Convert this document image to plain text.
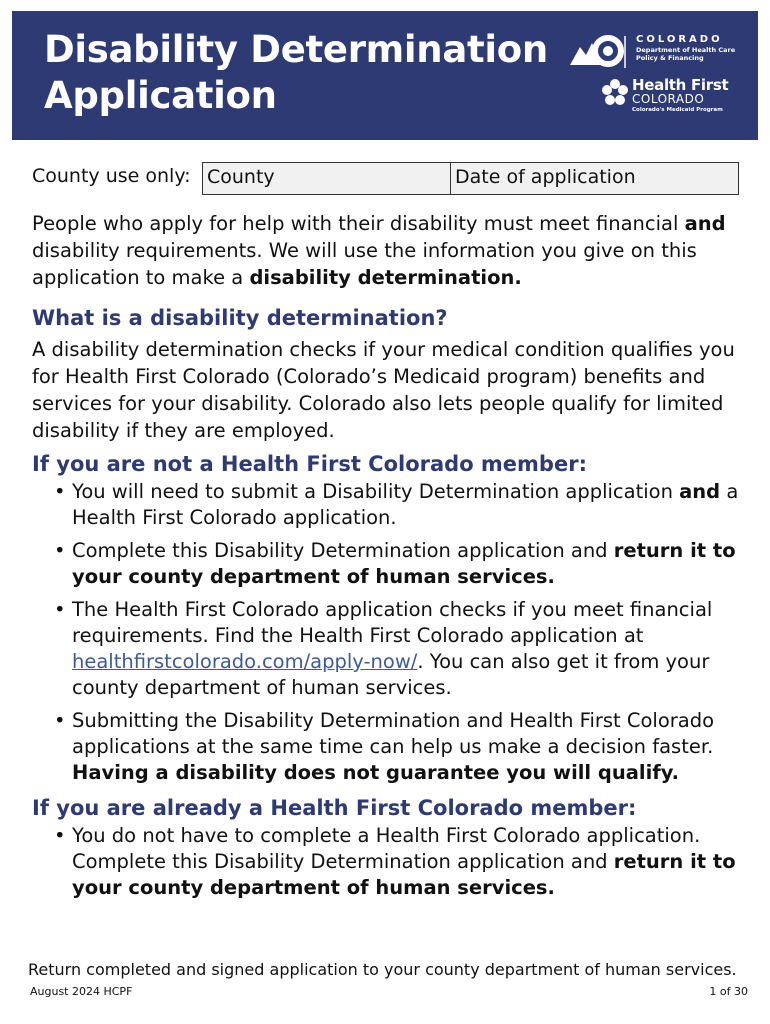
Disability Determination
Application
COLORADO
Department of Health Care
Policy & Financing
Health First
COLORADO
Colorado's Medicaid Program
County use only: County	Date of application

People who apply for help with their disability must meet financial and disability requirements. We will use the information you give on this application to make a disability determination.

What is a disability determination?

A disability determination checks if your medical condition qualifies you for Health First Colorado (Colorado’s Medicaid program) benefits and services for your disability. Colorado also lets people qualify for limited disability if they are employed.

If you are not a Health First Colorado member:
• You will need to submit a Disability Determination application and a Health First Colorado application.
• Complete this Disability Determination application and return it to your county department of human services.
• The Health First Colorado application checks if you meet financial requirements. Find the Health First Colorado application at healthfirstcolorado.com/apply-now/. You can also get it from your county department of human services.
• Submitting the Disability Determination and Health First Colorado applications at the same time can help us make a decision faster. Having a disability does not guarantee you will qualify.
If you are already a Health First Colorado member:
• You do not have to complete a Health First Colorado application. Complete this Disability Determination application and return it to your county department of human services.
Return completed and signed application to your county department of human services.
August 2024 HCPF	1 of 30
